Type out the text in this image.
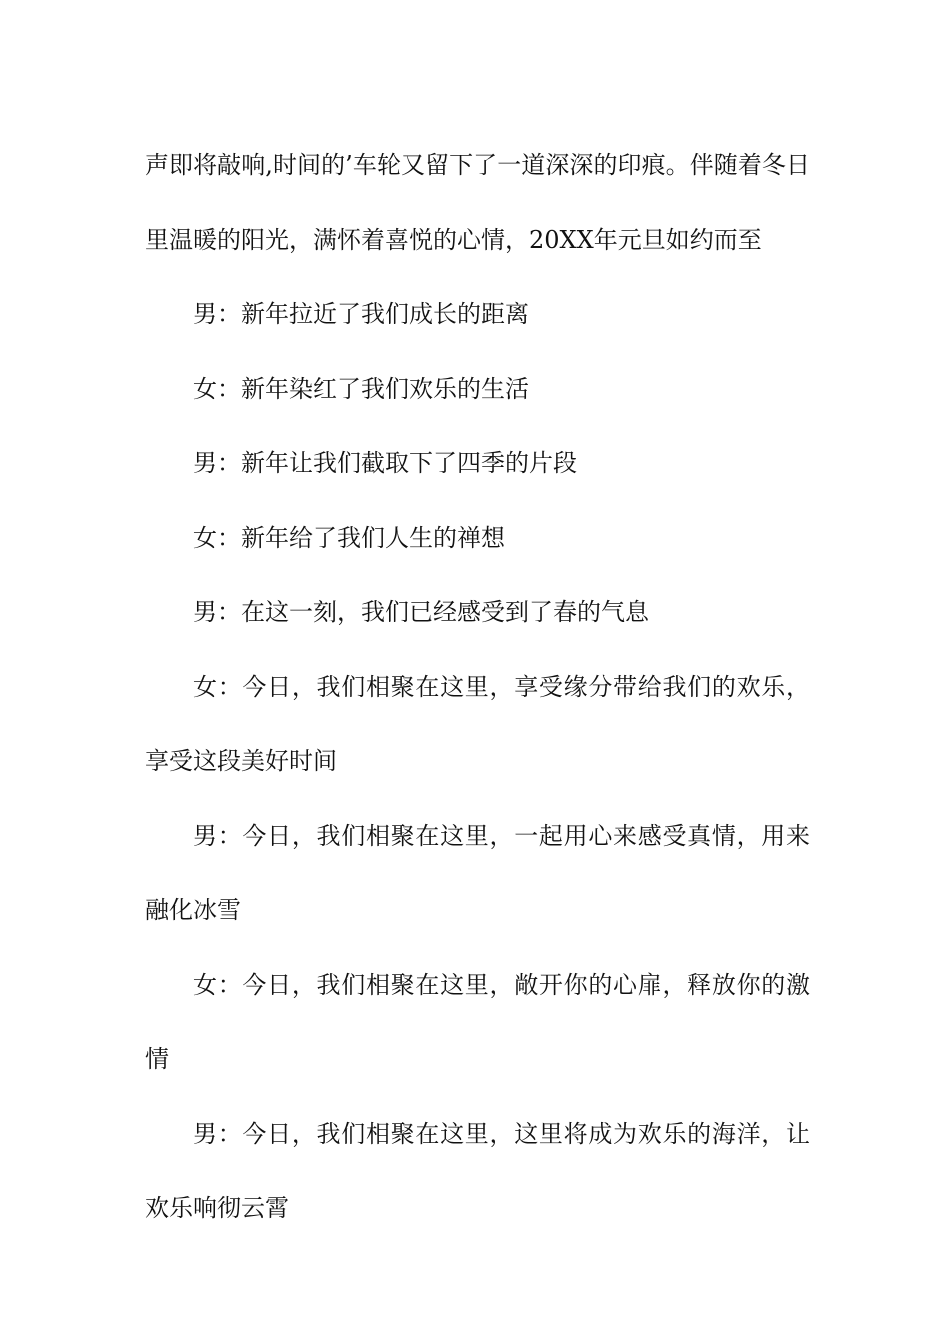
声即将敲响,时间的’车轮又留下了一道深深的印痕。伴随着冬日里温暖的阳光，满怀着喜悦的心情，20XX年元旦如约而至

男：新年拉近了我们成长的距离

女：新年染红了我们欢乐的生活

男：新年让我们截取下了四季的片段

女：新年给了我们人生的禅想

男：在这一刻，我们已经感受到了春的气息

女：今日，我们相聚在这里，享受缘分带给我们的欢乐，享受这段美好时间

男：今日，我们相聚在这里，一起用心来感受真情，用来融化冰雪

女：今日，我们相聚在这里，敞开你的心扉，释放你的激情

男：今日，我们相聚在这里，这里将成为欢乐的海洋，让欢乐响彻云霄
